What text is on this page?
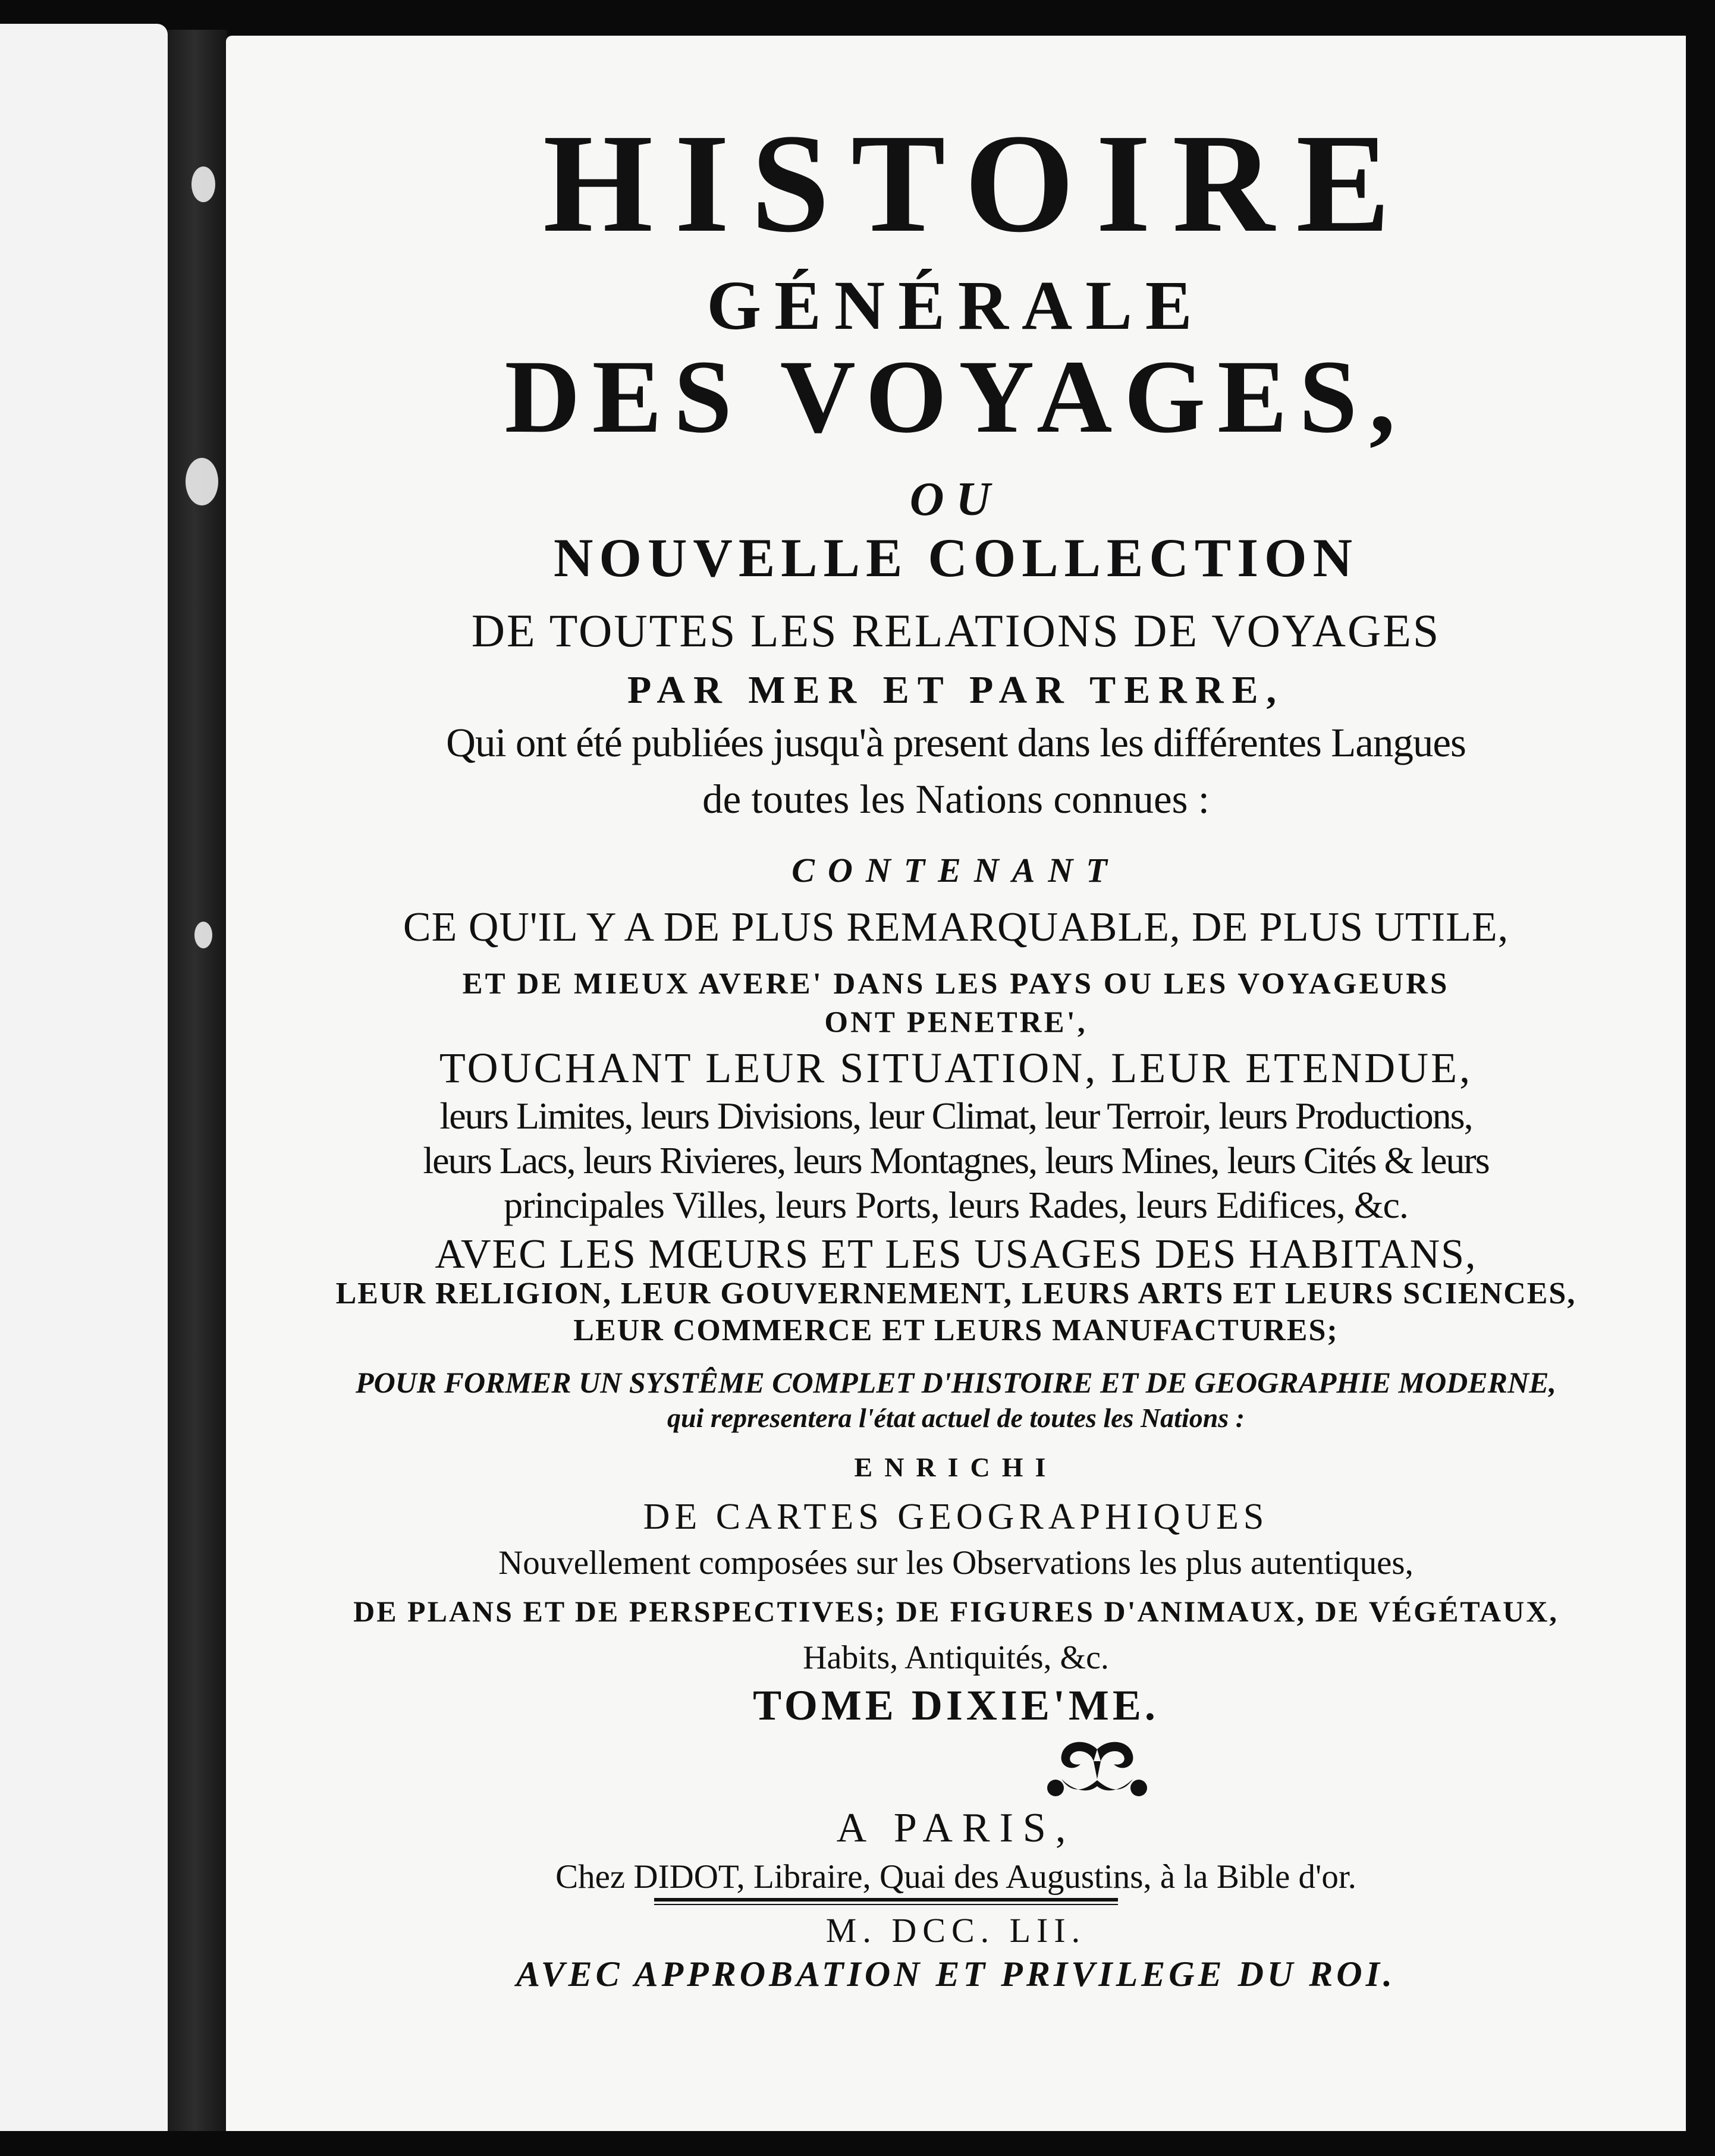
HISTOIRE
GÉNÉRALE
DES VOYAGES,
OU
NOUVELLE COLLECTION
DE TOUTES LES RELATIONS DE VOYAGES
PAR MER ET PAR TERRE,
Qui ont été publiées jusqu'à present dans les différentes Langues
de toutes les Nations connues :
CONTENANT
CE QU'IL Y A DE PLUS REMARQUABLE, DE PLUS UTILE,
ET DE MIEUX AVERE' DANS LES PAYS OU LES VOYAGEURS
ONT PENETRE',
TOUCHANT LEUR SITUATION, LEUR ETENDUE,
leurs Limites, leurs Divisions, leur Climat, leur Terroir, leurs Productions,
leurs Lacs, leurs Rivieres, leurs Montagnes, leurs Mines, leurs Cités & leurs
principales Villes, leurs Ports, leurs Rades, leurs Edifices, &c.
AVEC LES MŒURS ET LES USAGES DES HABITANS,
LEUR RELIGION, LEUR GOUVERNEMENT, LEURS ARTS ET LEURS SCIENCES,
LEUR COMMERCE ET LEURS MANUFACTURES;
POUR FORMER UN SYSTÊME COMPLET D'HISTOIRE ET DE GEOGRAPHIE MODERNE,
qui representera l'état actuel de toutes les Nations :
ENRICHI
DE CARTES GEOGRAPHIQUES
Nouvellement composées sur les Observations les plus autentiques,
DE PLANS ET DE PERSPECTIVES; DE FIGURES D'ANIMAUX, DE VÉGÉTAUX,
Habits, Antiquités, &c.
TOME DIXIE'ME.
A PARIS,
Chez DIDOT, Libraire, Quai des Augustins, à la Bible d'or.
M. DCC. LII.
AVEC APPROBATION ET PRIVILEGE DU ROI.
